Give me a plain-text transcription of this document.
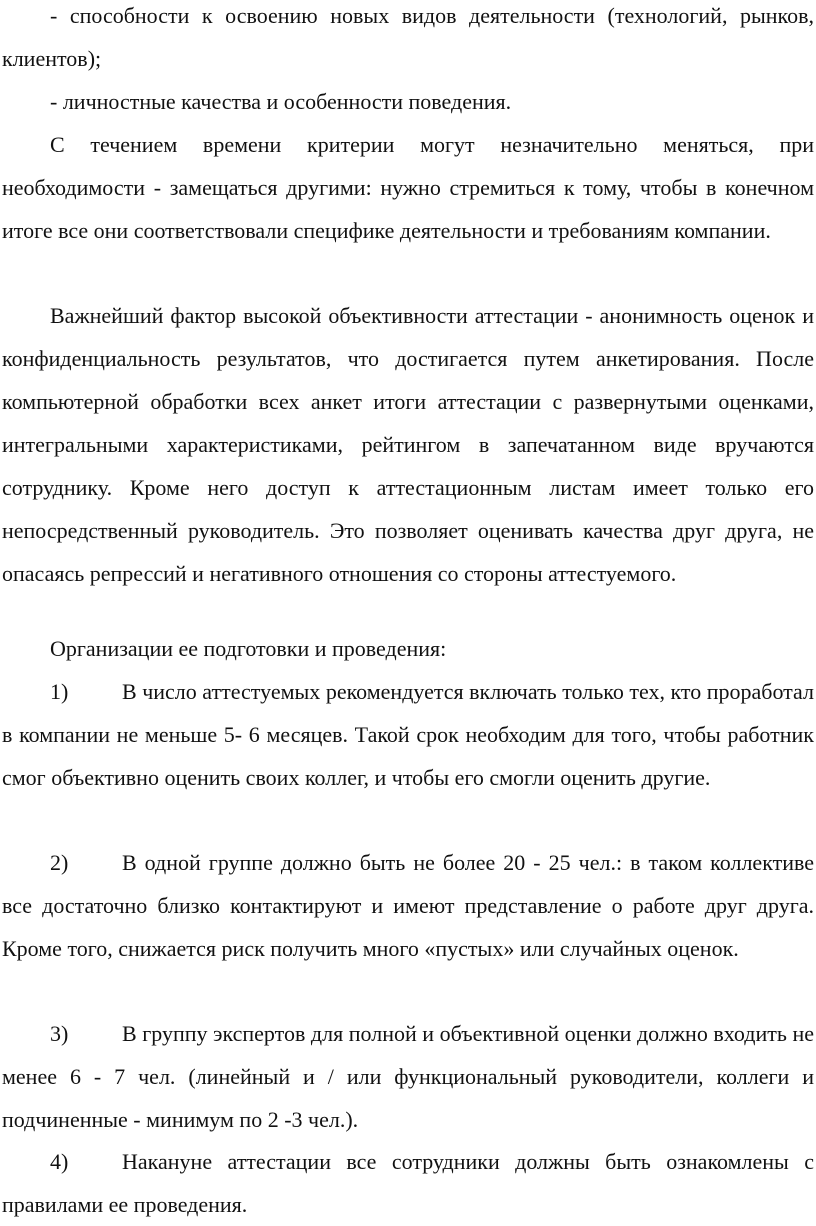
- способности к освоению новых видов деятельности (технологий, рынков, клиентов);

- личностные качества и особенности поведения.

С течением времени критерии могут незначительно меняться, при необходимости - замещаться другими: нужно стремиться к тому, чтобы в конечном итоге все они соответствовали специфике деятельности и требованиям компании.

Важнейший фактор высокой объективности аттестации - анонимность оценок и конфиденциальность результатов, что достигается путем анкетирования. После компьютерной обработки всех анкет итоги аттестации с развернутыми оценками, интегральными характеристиками, рейтингом в запечатанном виде вручаются сотруднику. Кроме него доступ к аттестационным листам имеет только его непосредственный руководитель. Это позволяет оценивать качества друг друга, не опасаясь репрессий и негативного отношения со стороны аттестуемого.

Организации ее подготовки и проведения:

1) В число аттестуемых рекомендуется включать только тех, кто проработал в компании не меньше 5- 6 месяцев. Такой срок необходим для того, чтобы работник смог объективно оценить своих коллег, и чтобы его смогли оценить другие.

2) В одной группе должно быть не более 20 - 25 чел.: в таком коллективе все достаточно близко контактируют и имеют представление о работе друг друга. Кроме того, снижается риск получить много «пустых» или случайных оценок.

3) В группу экспертов для полной и объективной оценки должно входить не менее 6 - 7 чел. (линейный и / или функциональный руководители, коллеги и подчиненные - минимум по 2 -3 чел.).

4) Накануне аттестации все сотрудники должны быть ознакомлены с правилами ее проведения.
